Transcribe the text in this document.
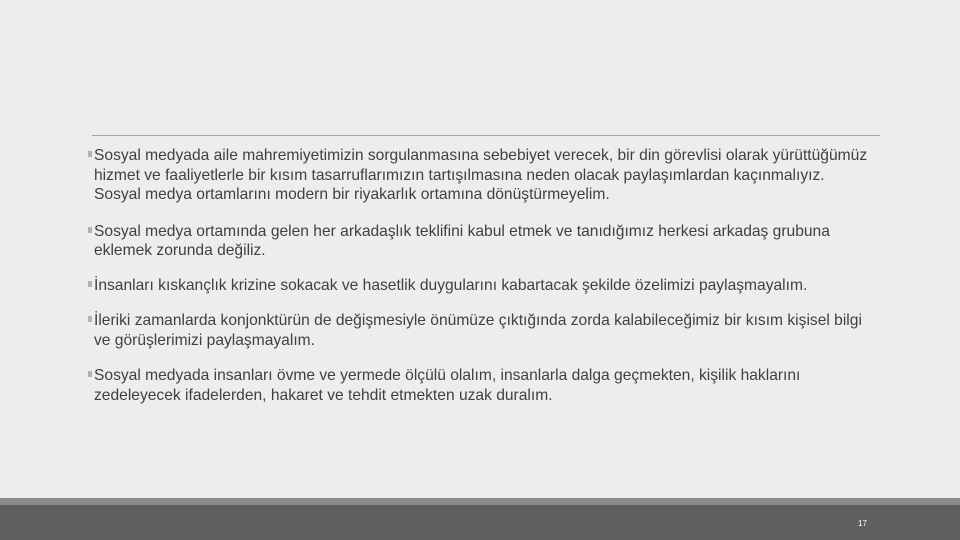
Sosyal medyada aile mahremiyetimizin sorgulanmasına sebebiyet verecek, bir din görevlisi olarak yürüttüğümüz hizmet ve faaliyetlerle bir kısım tasarruflarımızın tartışılmasına neden olacak paylaşımlardan kaçınmalıyız. Sosyal medya ortamlarını modern bir riyakarlık ortamına dönüştürmeyelim.

Sosyal medya ortamında gelen her arkadaşlık teklifini kabul etmek ve tanıdığımız herkesi arkadaş grubuna eklemek zorunda değiliz.

İnsanları kıskançlık krizine sokacak ve hasetlik duygularını kabartacak şekilde özelimizi paylaşmayalım.

İleriki zamanlarda konjonktürün de değişmesiyle önümüze çıktığında zorda kalabileceğimiz bir kısım kişisel bilgi ve görüşlerimizi paylaşmayalım.

Sosyal medyada insanları övme ve yermede ölçülü olalım, insanlarla dalga geçmekten, kişilik haklarını zedeleyecek ifadelerden, hakaret ve tehdit etmekten uzak duralım.

17
